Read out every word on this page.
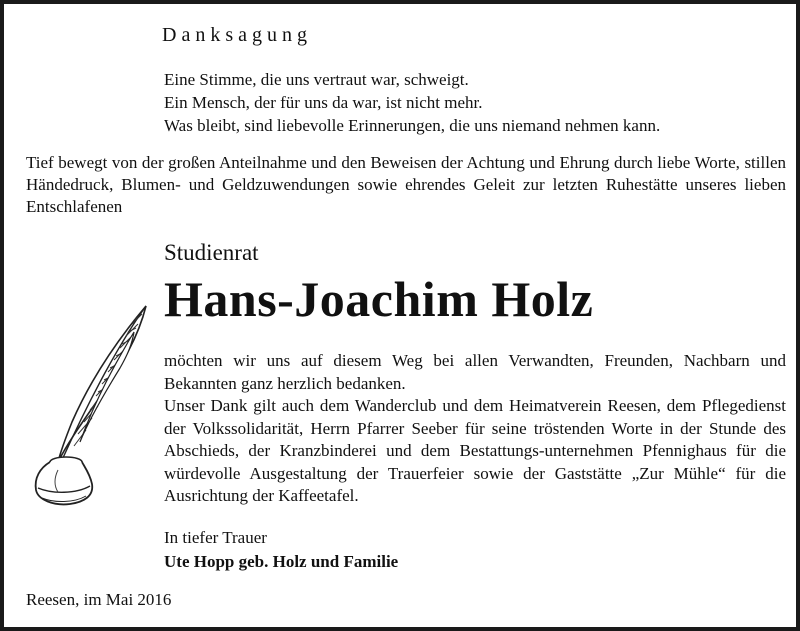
Danksagung
Eine Stimme, die uns vertraut war, schweigt.
Ein Mensch, der für uns da war, ist nicht mehr.
Was bleibt, sind liebevolle Erinnerungen, die uns niemand nehmen kann.
Tief bewegt von der großen Anteilnahme und den Beweisen der Achtung und Ehrung durch liebe Worte, stillen Händedruck, Blumen- und Geldzuwendungen sowie ehrendes Geleit zur letzten Ruhestätte unseres lieben Entschlafenen
Studienrat
Hans-Joachim Holz

möchten wir uns auf diesem Weg bei allen Verwandten, Freunden, Nachbarn und Bekannten ganz herzlich bedanken.

Unser Dank gilt auch dem Wanderclub und dem Heimatverein Reesen, dem Pflegedienst der Volkssolidarität, Herrn Pfarrer Seeber für seine tröstenden Worte in der Stunde des Abschieds, der Kranzbinderei und dem Bestattungs-unternehmen Pfennighaus für die würdevolle Ausgestaltung der Trauerfeier sowie der Gaststätte „Zur Mühle“ für die Ausrichtung der Kaffeetafel.

In tiefer Trauer
Ute Hopp geb. Holz und Familie
Reesen, im Mai 2016
